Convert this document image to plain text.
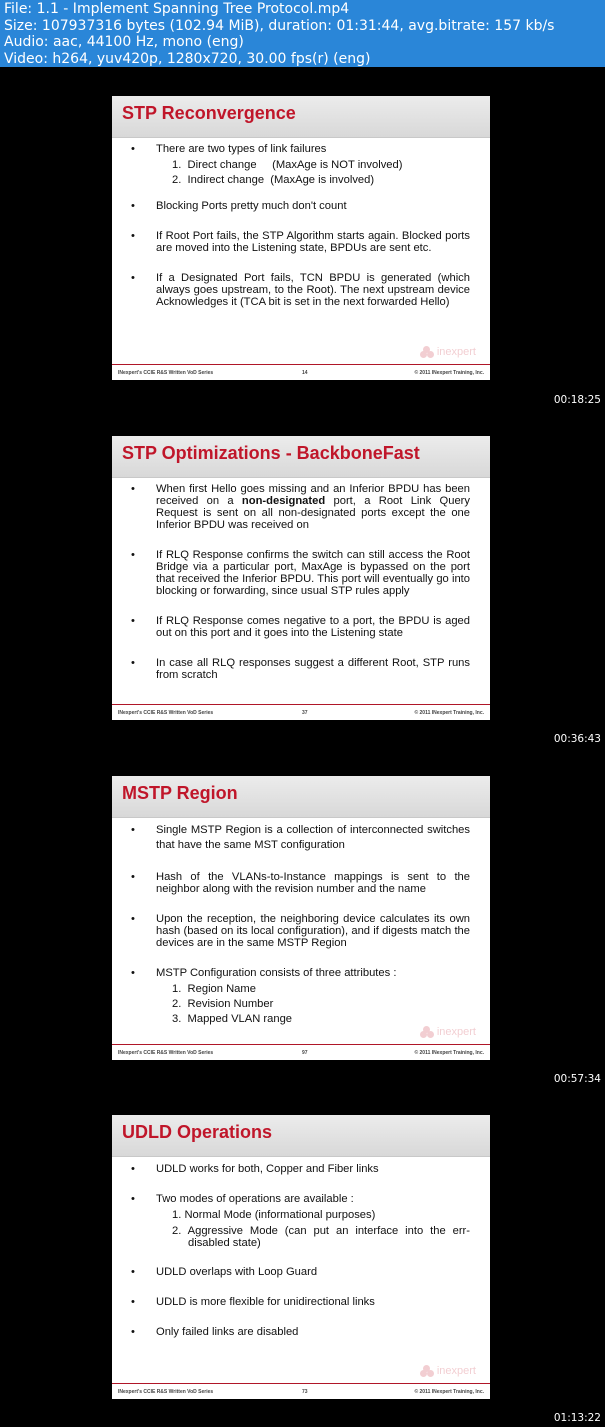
File: 1.1 - Implement Spanning Tree Protocol.mp4
Size: 107937316 bytes (102.94 MiB), duration: 01:31:44, avg.bitrate: 157 kb/s
Audio: aac, 44100 Hz, mono (eng)
Video: h264, yuv420p, 1280x720, 30.00 fps(r) (eng)
STP Reconvergence
• There are two types of link failures
1.  Direct change     (MaxAge is NOT involved)
2.  Indirect change  (MaxAge is involved)
• Blocking Ports pretty much don't count
• If Root Port fails, the STP Algorithm starts again. Blocked ports are moved into the Listening state, BPDUs are sent etc.
• If a Designated Port fails, TCN BPDU is generated (which always goes upstream, to the Root). The next upstream device Acknowledges it (TCA bit is set in the next forwarded Hello)
inexpert
INexpert's CCIE R&S Written VoD Series	14	© 2011 INexpert Training, Inc.
00:18:25
STP Optimizations - BackboneFast
• When first Hello goes missing and an Inferior BPDU has been received on a non-designated port, a Root Link Query Request is sent on all non-designated ports except the one Inferior BPDU was received on
• If RLQ Response confirms the switch can still access the Root Bridge via a particular port, MaxAge is bypassed on the port that received the Inferior BPDU. This port will eventually go into blocking or forwarding, since usual STP rules apply
• If RLQ Response comes negative to a port, the BPDU is aged out on this port and it goes into the Listening state
• In case all RLQ responses suggest a different Root, STP runs from scratch
INexpert's CCIE R&S Written VoD Series	37	© 2011 INexpert Training, Inc.
00:36:43
MSTP Region
• Single MSTP Region is a collection of interconnected switches that have the same MST configuration
• Hash of the VLANs-to-Instance mappings is sent to the neighbor along with the revision number and the name
• Upon the reception, the neighboring device calculates its own hash (based on its local configuration), and if digests match the devices are in the same MSTP Region
• MSTP Configuration consists of three attributes :
1.  Region Name
2.  Revision Number
3.  Mapped VLAN range
inexpert
INexpert's CCIE R&S Written VoD Series	97	© 2011 INexpert Training, Inc.
00:57:34
UDLD Operations
• UDLD works for both, Copper and Fiber links
• Two modes of operations are available :
1. Normal Mode (informational purposes)
2. Aggressive Mode (can put an interface into the err-disabled state)
• UDLD overlaps with Loop Guard
• UDLD is more flexible for unidirectional links
• Only failed links are disabled
inexpert
INexpert's CCIE R&S Written VoD Series	73	© 2011 INexpert Training, Inc.
01:13:22
